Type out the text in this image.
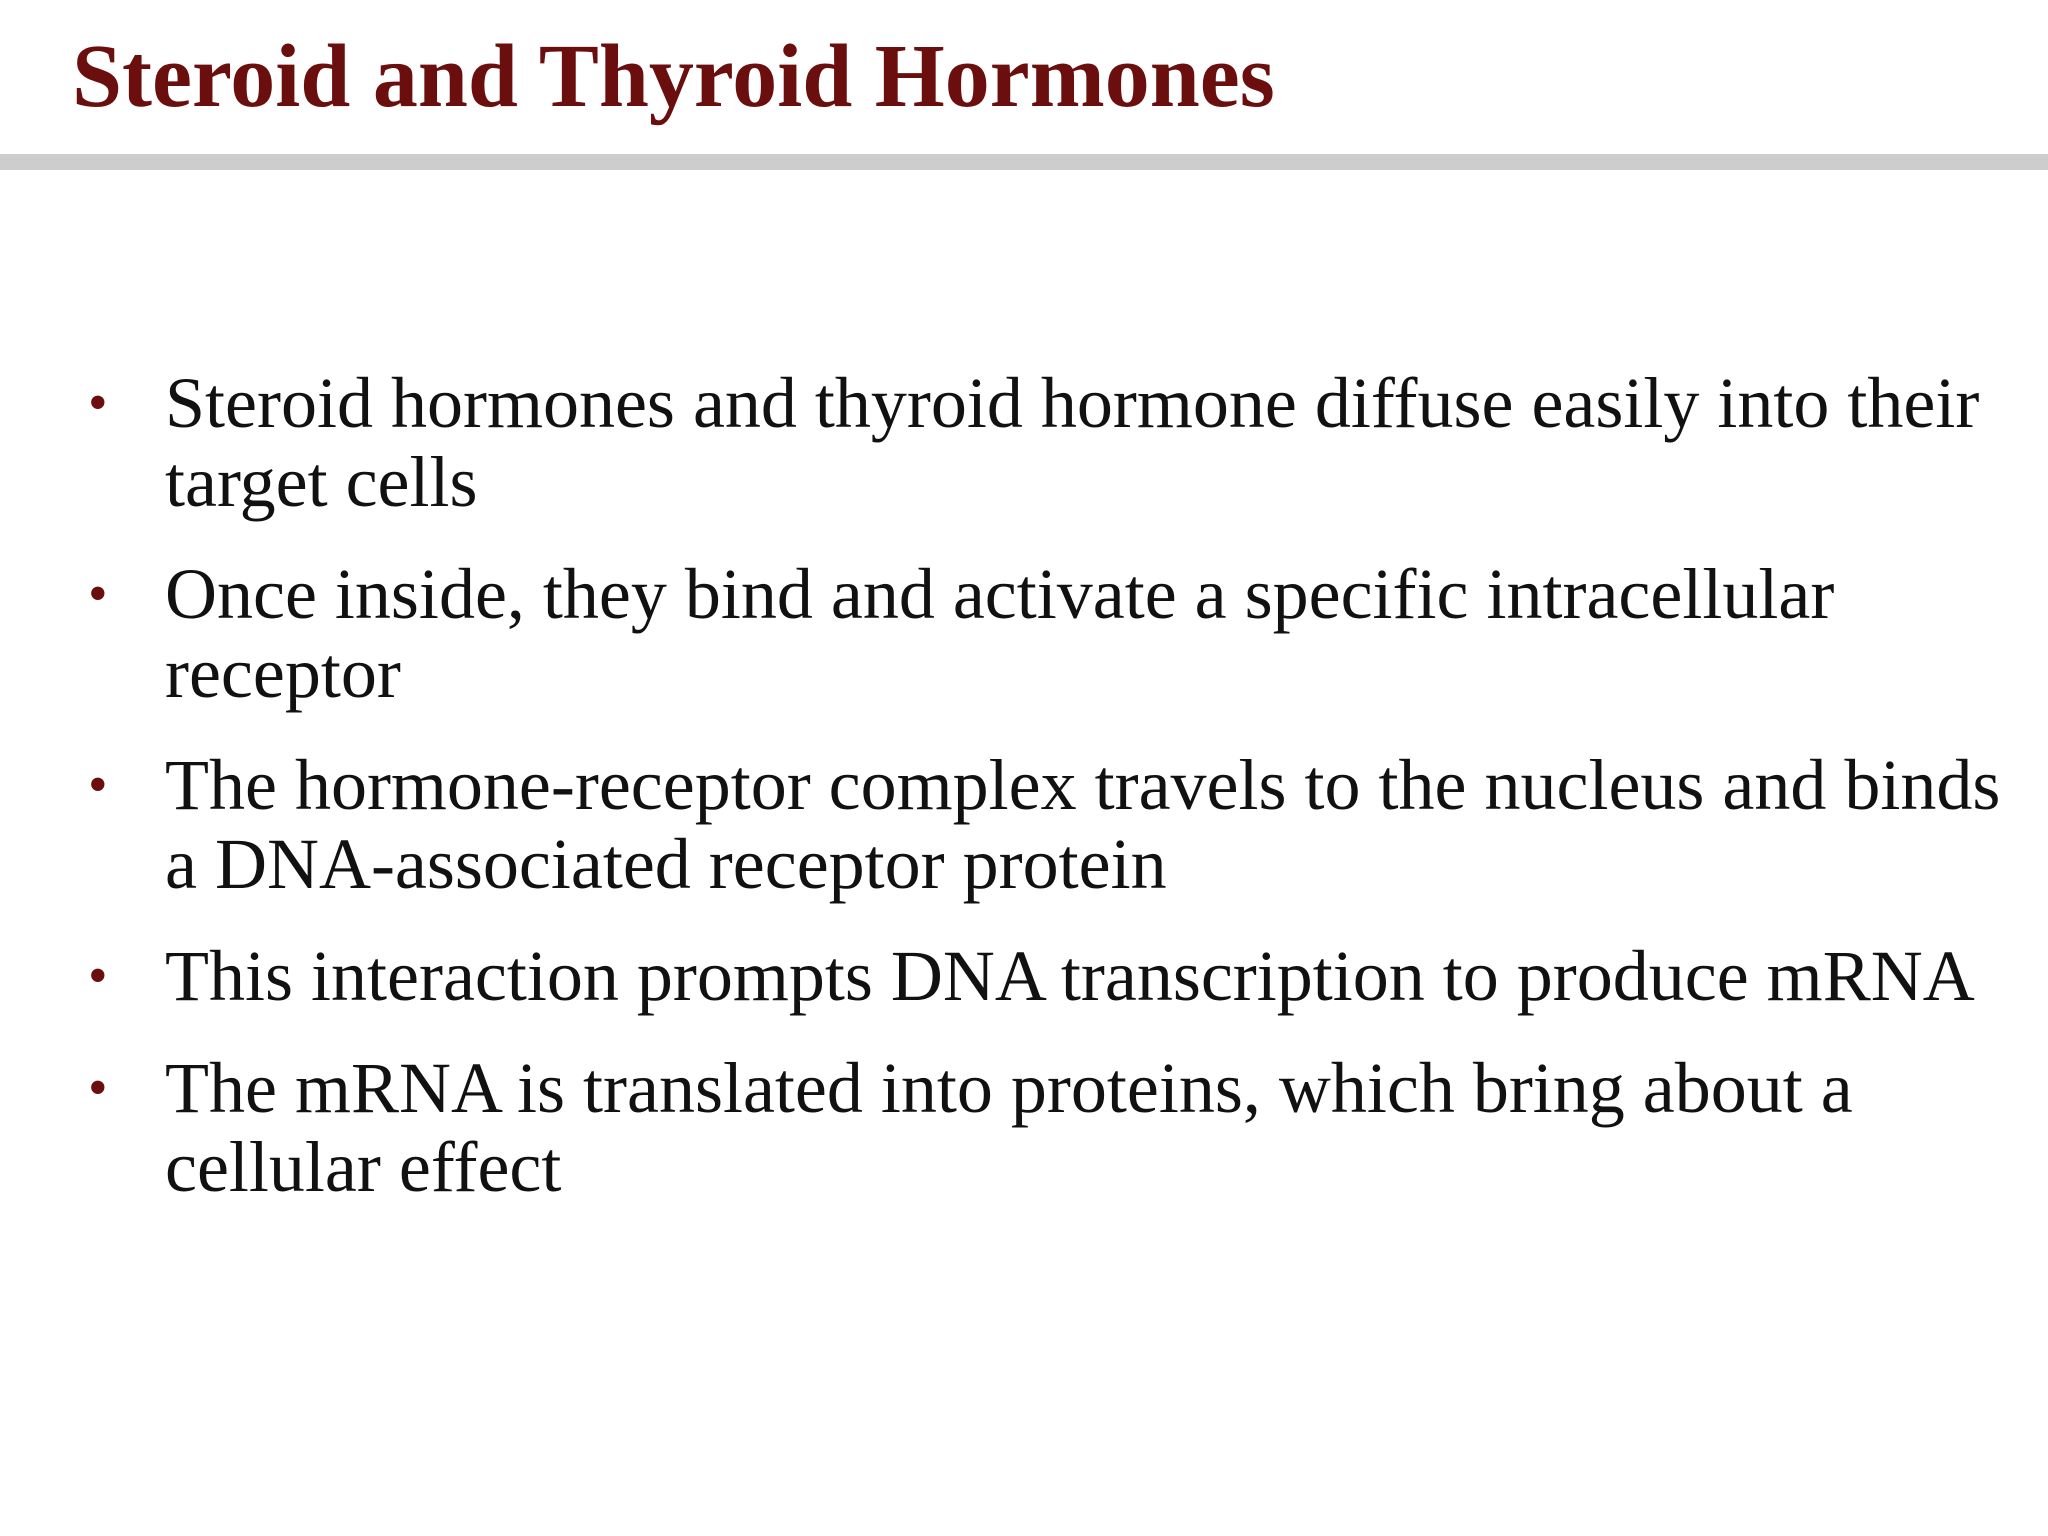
Steroid and Thyroid Hormones
• Steroid hormones and thyroid hormone diffuse easily into their target cells
• Once inside, they bind and activate a specific intracellular receptor
• The hormone-receptor complex travels to the nucleus and binds a DNA-associated receptor protein
• This interaction prompts DNA transcription to produce mRNA
• The mRNA is translated into proteins, which bring about a cellular effect
